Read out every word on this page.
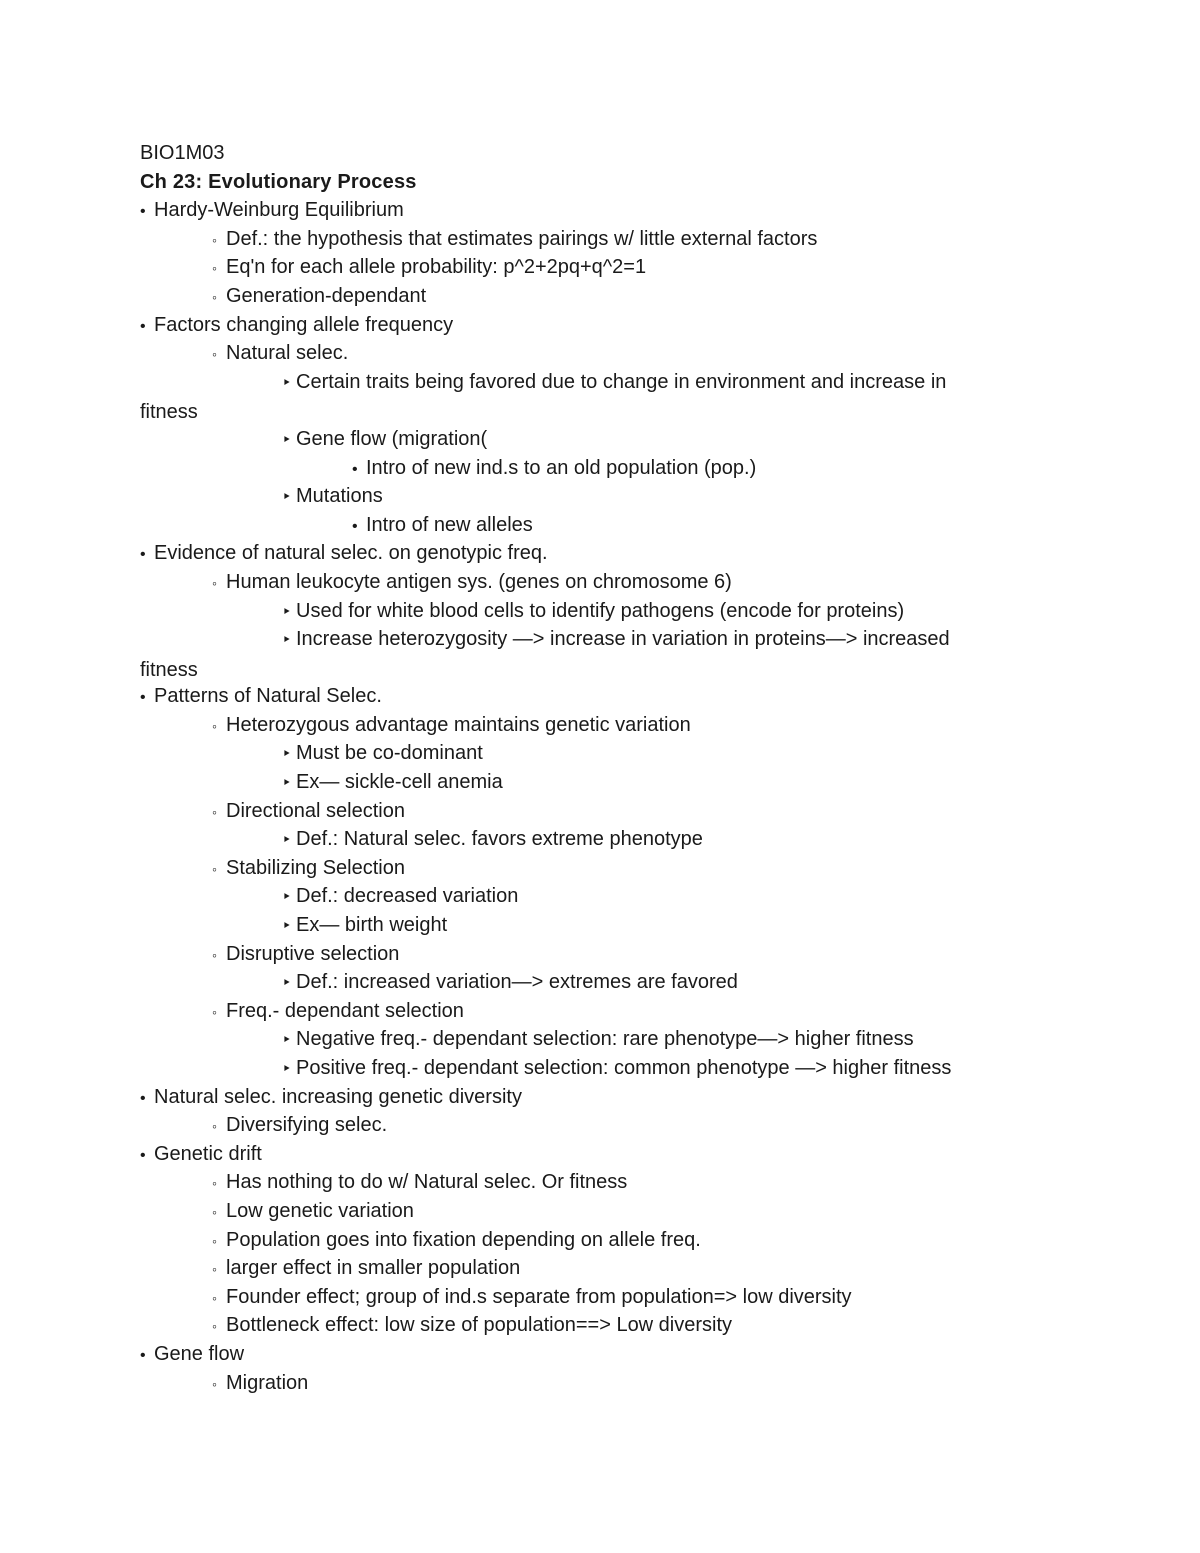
BIO1M03
Ch 23: Evolutionary Process
•Hardy-Weinburg Equilibrium
◦Def.: the hypothesis that estimates pairings w/ little external factors
◦Eq'n for each allele probability: p^2+2pq+q^2=1
◦Generation-dependant
•Factors changing allele frequency
◦Natural selec.
‣Certain traits being favored due to change in environment and increase in
fitness
‣Gene flow (migration(
•Intro of new ind.s to an old population (pop.)
‣Mutations
•Intro of new alleles
•Evidence of natural selec. on genotypic freq.
◦Human leukocyte antigen sys. (genes on chromosome 6)
‣Used for white blood cells to identify pathogens (encode for proteins)
‣Increase heterozygosity —> increase in variation in proteins—> increased
fitness
•Patterns of Natural Selec.
◦Heterozygous advantage maintains genetic variation
‣Must be co-dominant
‣Ex— sickle-cell anemia
◦Directional selection
‣Def.: Natural selec. favors extreme phenotype
◦Stabilizing Selection
‣Def.: decreased variation
‣Ex— birth weight
◦Disruptive selection
‣Def.: increased variation—> extremes are favored
◦Freq.- dependant selection
‣Negative freq.- dependant selection: rare phenotype—> higher fitness
‣Positive freq.- dependant selection: common phenotype —> higher fitness
•Natural selec. increasing genetic diversity
◦Diversifying selec.
•Genetic drift
◦Has nothing to do w/ Natural selec. Or fitness
◦Low genetic variation
◦Population goes into fixation depending on allele freq.
◦larger effect in smaller population
◦Founder effect; group of ind.s separate from population=> low diversity
◦Bottleneck effect: low size of population==> Low diversity
•Gene flow
◦Migration
